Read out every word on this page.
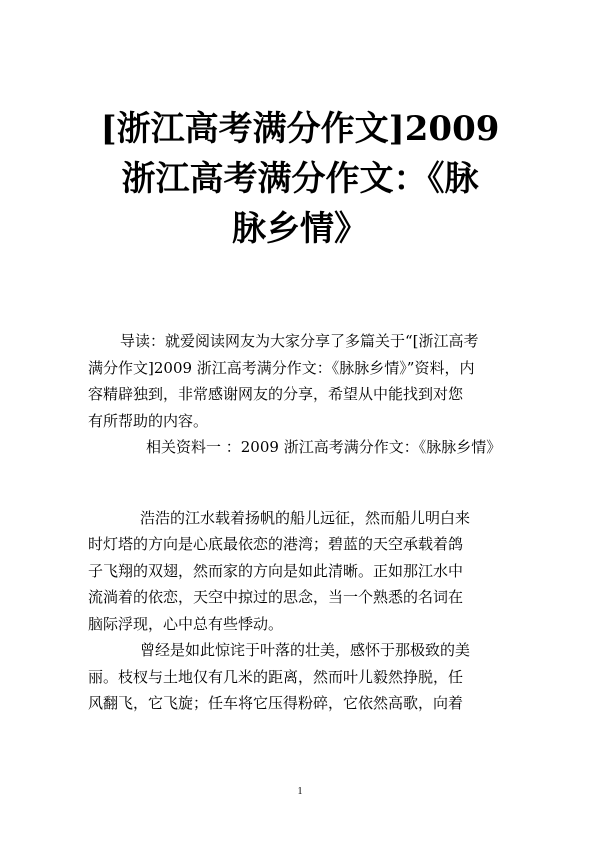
[浙江高考满分作文]2009
浙江高考满分作文：《脉
脉乡情》

导读：就爱阅读网友为大家分享了多篇关于“[浙江高考
满分作文]2009 浙江高考满分作文：《脉脉乡情》”资料，内
容精辟独到，非常感谢网友的分享，希望从中能找到对您
有所帮助的内容。

相关资料一 ：2009 浙江高考满分作文：《脉脉乡情》

浩浩的江水载着扬帆的船儿远征，然而船儿明白来
时灯塔的方向是心底最依恋的港湾；碧蓝的天空承载着鸽
子飞翔的双翅，然而家的方向是如此清晰。正如那江水中
流淌着的依恋，天空中掠过的思念，当一个熟悉的名词在
脑际浮现，心中总有些悸动。

曾经是如此惊诧于叶落的壮美，感怀于那极致的美
丽。枝杈与土地仅有几米的距离，然而叶儿毅然挣脱，任
风翻飞，它飞旋；任车将它压得粉碎，它依然高歌，向着

1
